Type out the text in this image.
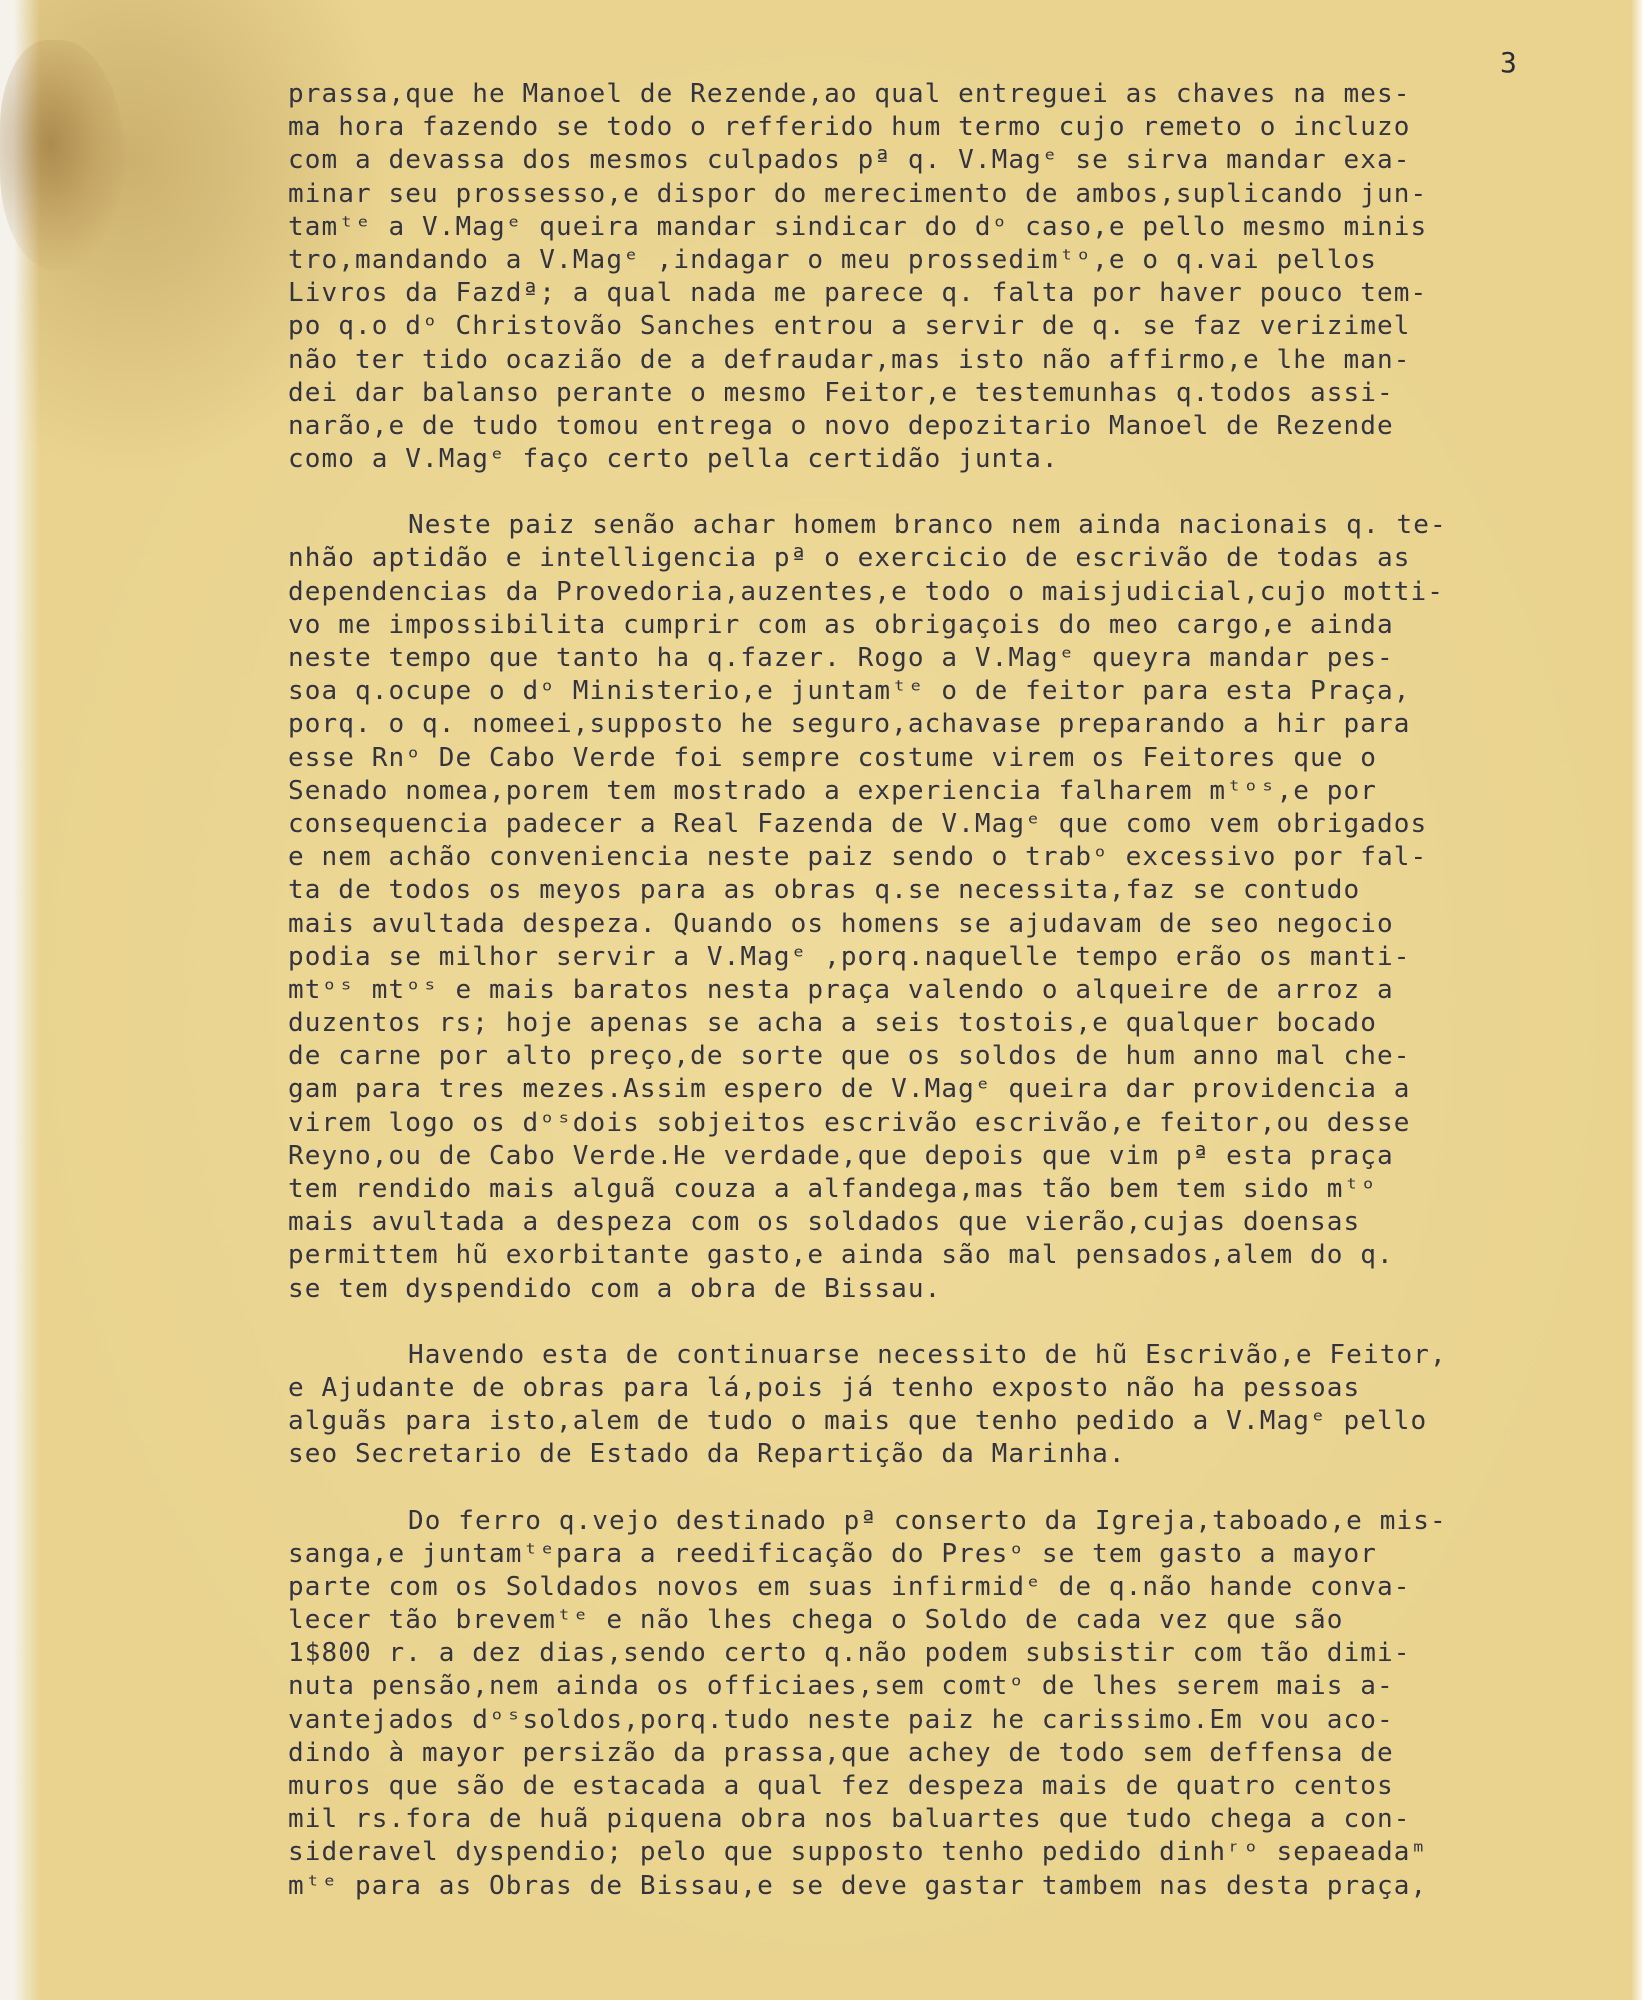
3
prassa,que he Manoel de Rezende,ao qual entreguei as chaves na mes-
ma hora fazendo se todo o refferido hum termo cujo remeto o incluzo
com a devassa dos mesmos culpados pª q. V.Magᵉ se sirva mandar exa-
minar seu prossesso,e dispor do merecimento de ambos,suplicando jun-
tamᵗᵉ a V.Magᵉ queira mandar sindicar do dᵒ caso,e pello mesmo minis
tro,mandando a V.Magᵉ ,indagar o meu prossedimᵗᵒ,e o q.vai pellos
Livros da Fazdª; a qual nada me parece q. falta por haver pouco tem-
po q.o dᵒ Christovão Sanches entrou a servir de q. se faz verizimel
não ter tido ocazião de a defraudar,mas isto não affirmo,e lhe man-
dei dar balanso perante o mesmo Feitor,e testemunhas q.todos assi-
narão,e de tudo tomou entrega o novo depozitario Manoel de Rezende
como a V.Magᵉ faço certo pella certidão junta.
Neste paiz senão achar homem branco nem ainda nacionais q. te-
nhão aptidão e intelligencia pª o exercicio de escrivão de todas as
dependencias da Provedoria,auzentes,e todo o maisjudicial,cujo motti-
vo me impossibilita cumprir com as obrigaçois do meo cargo,e ainda
neste tempo que tanto ha q.fazer. Rogo a V.Magᵉ queyra mandar pes-
soa q.ocupe o dᵒ Ministerio,e juntamᵗᵉ o de feitor para esta Praça,
porq. o q. nomeei,supposto he seguro,achavase preparando a hir para
esse Rnᵒ De Cabo Verde foi sempre costume virem os Feitores que o
Senado nomea,porem tem mostrado a experiencia falharem mᵗᵒˢ,e por
consequencia padecer a Real Fazenda de V.Magᵉ que como vem obrigados
e nem achão conveniencia neste paiz sendo o trabᵒ excessivo por fal-
ta de todos os meyos para as obras q.se necessita,faz se contudo
mais avultada despeza. Quando os homens se ajudavam de seo negocio
podia se milhor servir a V.Magᵉ ,porq.naquelle tempo erão os manti-
mtᵒˢ mtᵒˢ e mais baratos nesta praça valendo o alqueire de arroz a
duzentos rs; hoje apenas se acha a seis tostois,e qualquer bocado
de carne por alto preço,de sorte que os soldos de hum anno mal che-
gam para tres mezes.Assim espero de V.Magᵉ queira dar providencia a
virem logo os dᵒˢdois sobjeitos escrivão escrivão,e feitor,ou desse
Reyno,ou de Cabo Verde.He verdade,que depois que vim pª esta praça
tem rendido mais alguã couza a alfandega,mas tão bem tem sido mᵗᵒ
mais avultada a despeza com os soldados que vierão,cujas doensas
permittem hũ exorbitante gasto,e ainda são mal pensados,alem do q.
se tem dyspendido com a obra de Bissau.
Havendo esta de continuarse necessito de hũ Escrivão,e Feitor,
e Ajudante de obras para lá,pois já tenho exposto não ha pessoas
alguãs para isto,alem de tudo o mais que tenho pedido a V.Magᵉ pello
seo Secretario de Estado da Repartição da Marinha.
Do ferro q.vejo destinado pª conserto da Igreja,taboado,e mis-
sanga,e juntamᵗᵉpara a reedificação do Presᵒ se tem gasto a mayor
parte com os Soldados novos em suas infirmidᵉ de q.não hande conva-
lecer tão brevemᵗᵉ e não lhes chega o Soldo de cada vez que são
1$800 r. a dez dias,sendo certo q.não podem subsistir com tão dimi-
nuta pensão,nem ainda os officiaes,sem comtᵒ de lhes serem mais a-
vantejados dᵒˢsoldos,porq.tudo neste paiz he carissimo.Em vou aco-
dindo à mayor persizão da prassa,que achey de todo sem deffensa de
muros que são de estacada a qual fez despeza mais de quatro centos
mil rs.fora de huã piquena obra nos baluartes que tudo chega a con-
sideravel dyspendio; pelo que supposto tenho pedido dinhʳᵒ sepaeadaᵐ
mᵗᵉ para as Obras de Bissau,e se deve gastar tambem nas desta praça,
